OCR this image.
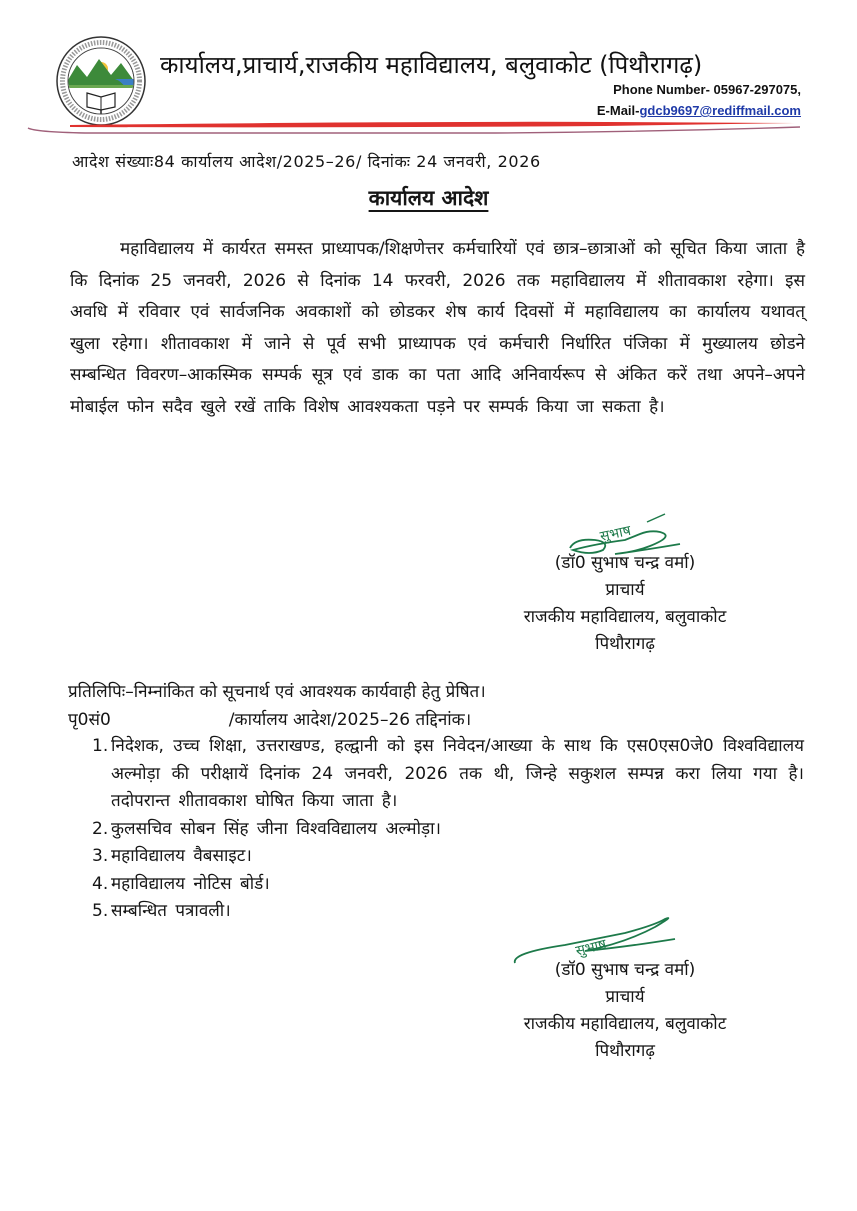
कार्यालय,प्राचार्य,राजकीय महाविद्यालय, बलुवाकोट (पिथौरागढ़)
Phone Number- 05967-297075,
E-Mail-gdcb9697@rediffmail.com
आदेश संख्याः84 कार्यालय आदेश/2025–26/ दिनांकः 24 जनवरी, 2026
कार्यालय आदेश
महाविद्यालय में कार्यरत समस्त प्राध्यापक/शिक्षणेत्तर कर्मचारियों एवं छात्र–छात्राओं को सूचित किया जाता है कि दिनांक 25 जनवरी, 2026 से दिनांक 14 फरवरी, 2026 तक महाविद्यालय में शीतावकाश रहेगा। इस अवधि में रविवार एवं सार्वजनिक अवकाशों को छोडकर शेष कार्य दिवसों में महाविद्यालय का कार्यालय यथावत् खुला रहेगा। शीतावकाश में जाने से पूर्व सभी प्राध्यापक एवं कर्मचारी निर्धारित पंजिका में मुख्यालय छोडने सम्बन्धित विवरण–आकस्मिक सम्पर्क सूत्र एवं डाक का पता आदि अनिवार्यरूप से अंकित करें तथा अपने–अपने मोबाईल फोन सदैव खुले रखें ताकि विशेष आवश्यकता पड़ने पर सम्पर्क किया जा सकता है।
सुभाष
(डॉ0 सुभाष चन्द्र वर्मा)
प्राचार्य
राजकीय महाविद्यालय, बलुवाकोट
पिथौरागढ़
प्रतिलिपिः–निम्नांकित को सूचनार्थ एवं आवश्यक कार्यवाही हेतु प्रेषित।
पृ0सं0	/कार्यालय आदेश/2025–26 तद्दिनांक।
1. निदेशक, उच्च शिक्षा, उत्तराखण्ड, हल्द्वानी को इस निवेदन/आख्या के साथ कि एस0एस0जे0 विश्वविद्यालय अल्मोड़ा की परीक्षायें दिनांक 24 जनवरी, 2026 तक थी, जिन्हे सकुशल सम्पन्न करा लिया गया है। तदोपरान्त शीतावकाश घोषित किया जाता है।
2. कुलसचिव सोबन सिंह जीना विश्वविद्यालय अल्मोड़ा।
3. महाविद्यालय वैबसाइट।
4. महाविद्यालय नोटिस बोर्ड।
5. सम्बन्धित पत्रावली।
सुभाष
(डॉ0 सुभाष चन्द्र वर्मा)
प्राचार्य
राजकीय महाविद्यालय, बलुवाकोट
पिथौरागढ़
